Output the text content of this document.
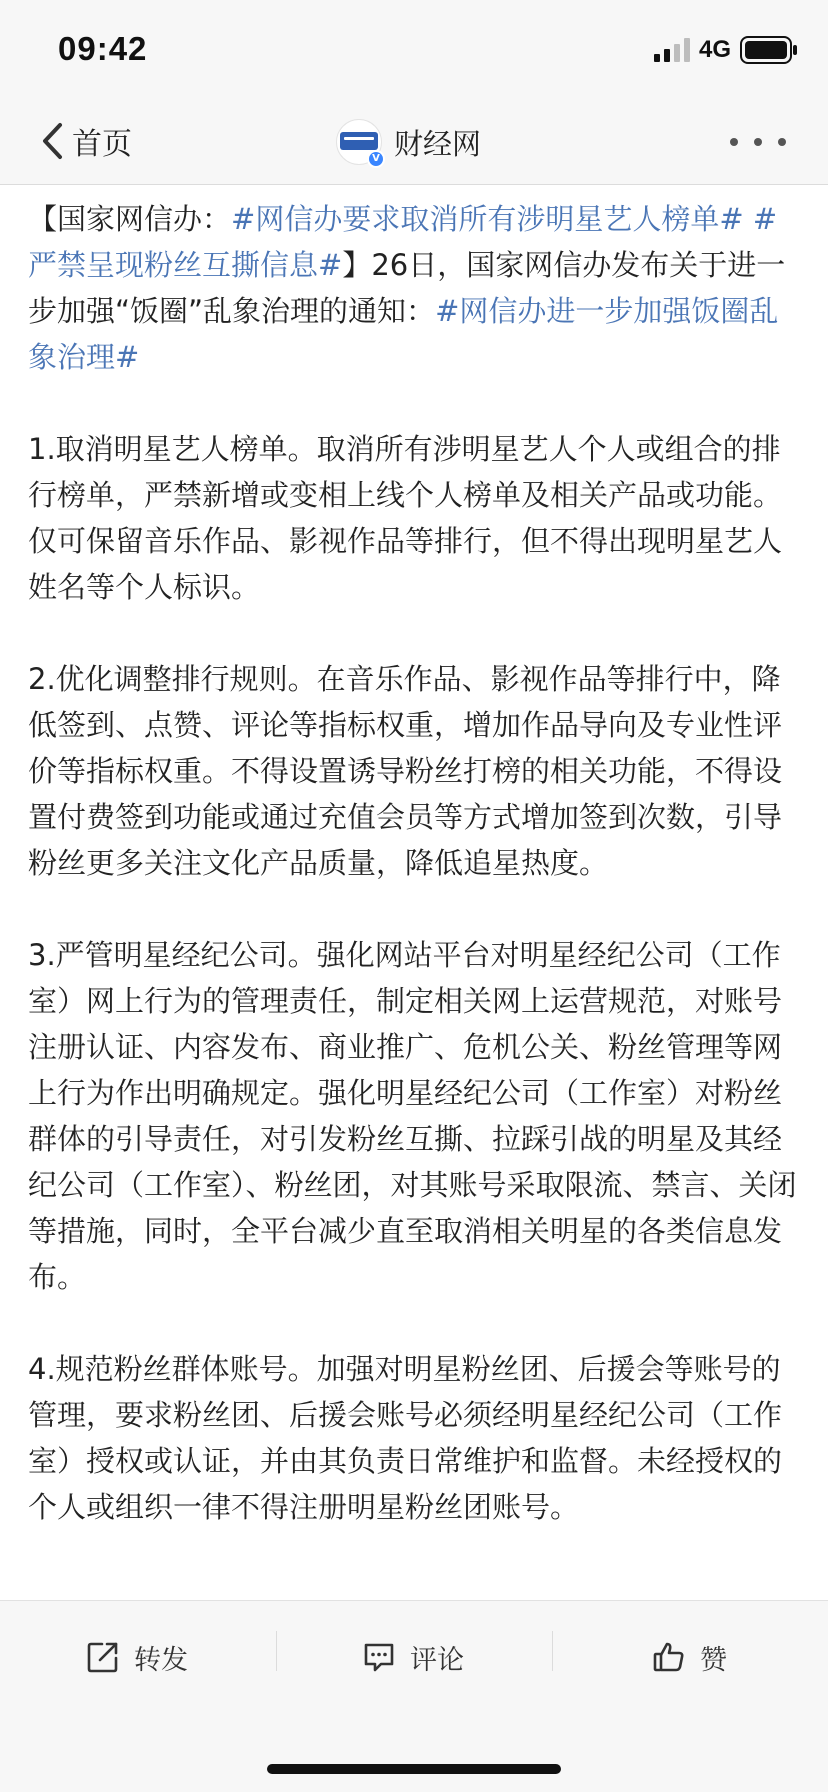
09:42	4G
首页	V 财经网

【国家网信办：#网信办要求取消所有涉明星艺人榜单# #严禁呈现粉丝互撕信息#】26日，国家网信办发布关于进一步加强“饭圈”乱象治理的通知：#网信办进一步加强饭圈乱象治理#

1.取消明星艺人榜单。取消所有涉明星艺人个人或组合的排行榜单，严禁新增或变相上线个人榜单及相关产品或功能。仅可保留音乐作品、影视作品等排行，但不得出现明星艺人姓名等个人标识。

2.优化调整排行规则。在音乐作品、影视作品等排行中，降低签到、点赞、评论等指标权重，增加作品导向及专业性评价等指标权重。不得设置诱导粉丝打榜的相关功能，不得设置付费签到功能或通过充值会员等方式增加签到次数，引导粉丝更多关注文化产品质量，降低追星热度。

3.严管明星经纪公司。强化网站平台对明星经纪公司（工作室）网上行为的管理责任，制定相关网上运营规范，对账号注册认证、内容发布、商业推广、危机公关、粉丝管理等网上行为作出明确规定。强化明星经纪公司（工作室）对粉丝群体的引导责任，对引发粉丝互撕、拉踩引战的明星及其经纪公司（工作室）、粉丝团，对其账号采取限流、禁言、关闭等措施，同时，全平台减少直至取消相关明星的各类信息发布。

4.规范粉丝群体账号。加强对明星粉丝团、后援会等账号的管理，要求粉丝团、后援会账号必须经明星经纪公司（工作室）授权或认证，并由其负责日常维护和监督。未经授权的个人或组织一律不得注册明星粉丝团账号。

转发	评论	赞
